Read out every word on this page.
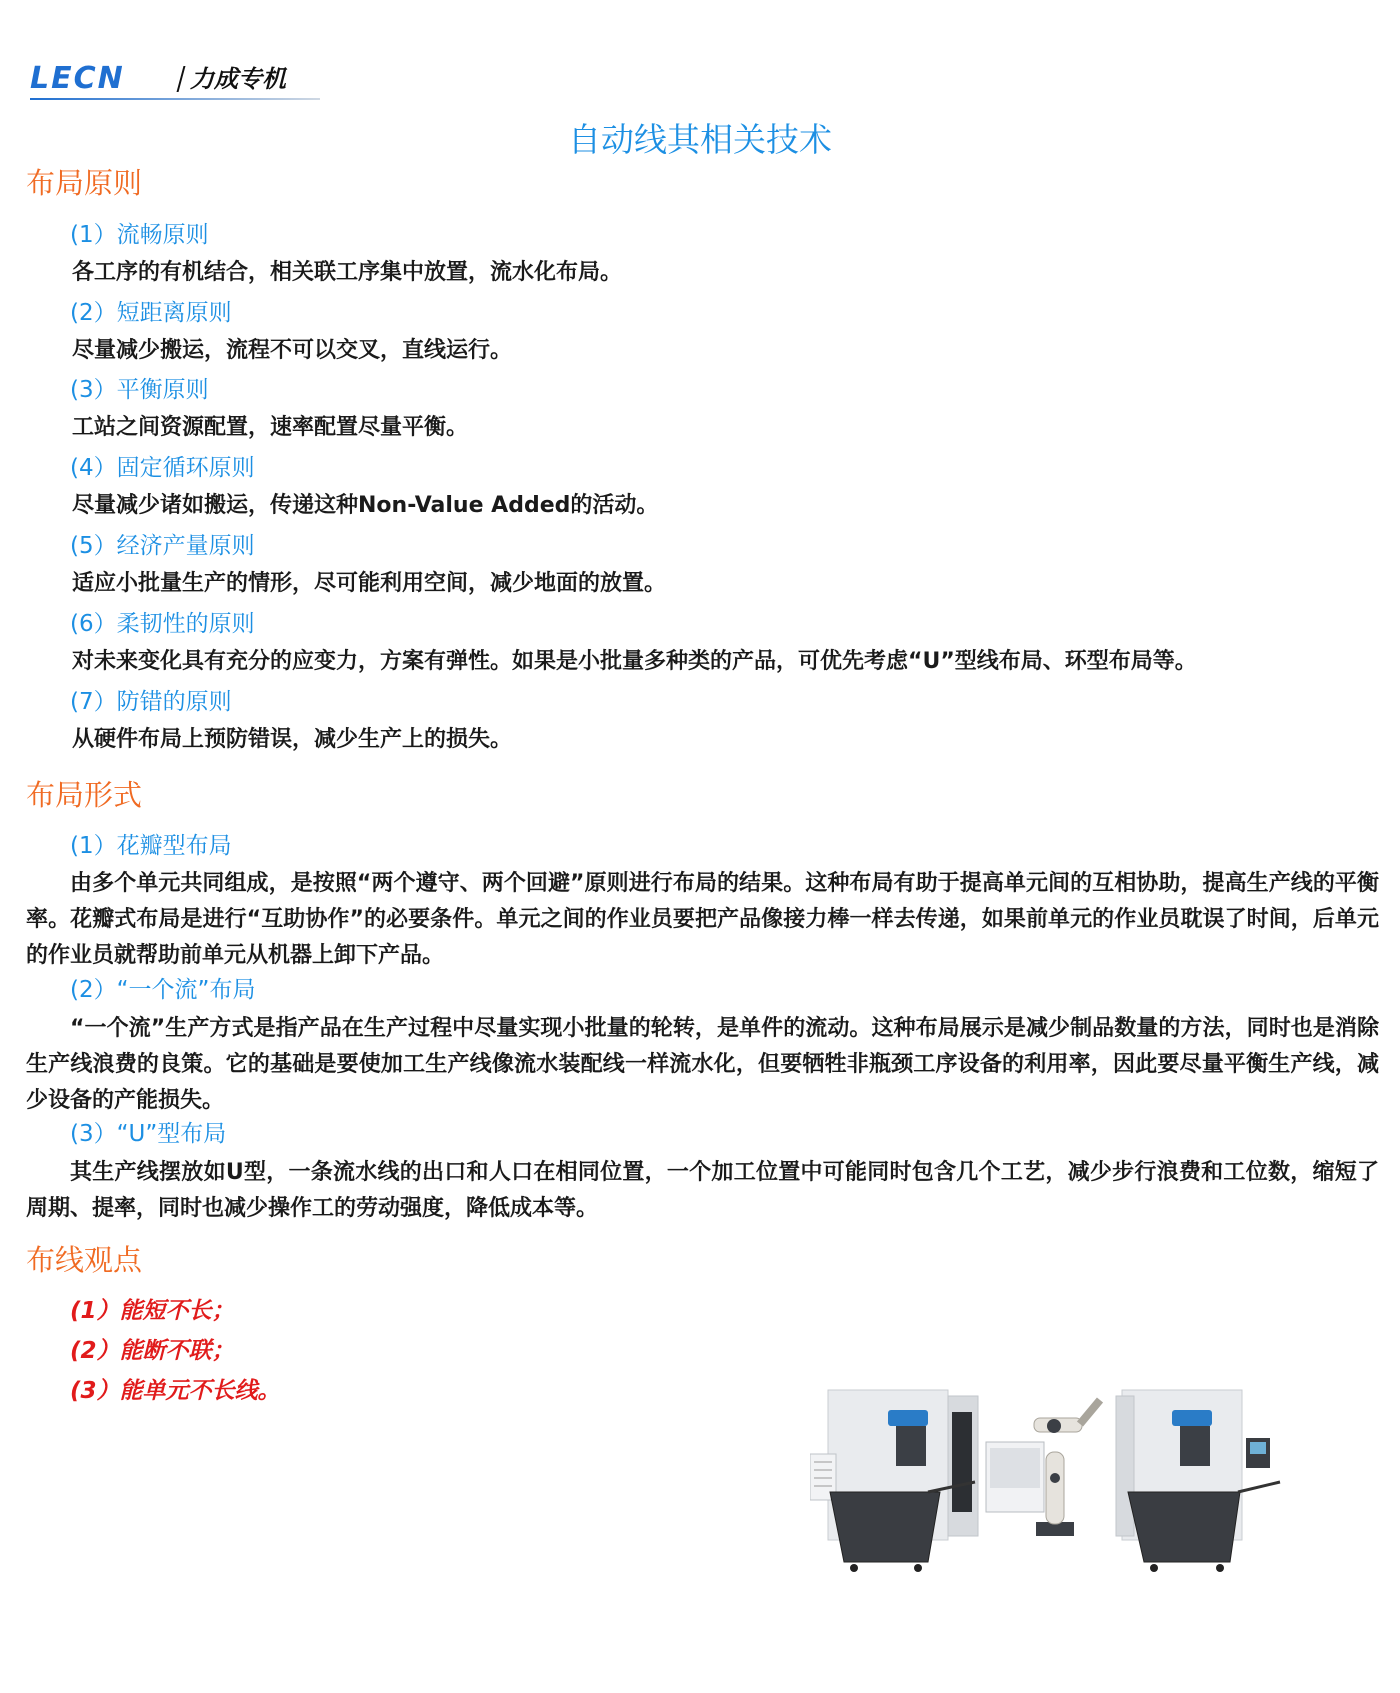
LECN	力成专机
自动线其相关技术
布局原则
(1）流畅原则
各工序的有机结合，相关联工序集中放置，流水化布局。
(2）短距离原则
尽量减少搬运，流程不可以交叉，直线运行。
(3）平衡原则
工站之间资源配置，速率配置尽量平衡。
(4）固定循环原则
尽量减少诸如搬运，传递这种Non-Value Added的活动。
(5）经济产量原则
适应小批量生产的情形，尽可能利用空间，减少地面的放置。
(6）柔韧性的原则
对未来变化具有充分的应变力，方案有弹性。如果是小批量多种类的产品，可优先考虑“U”型线布局、环型布局等。
(7）防错的原则
从硬件布局上预防错误，减少生产上的损失。
布局形式
(1）花瓣型布局

由多个单元共同组成，是按照“两个遵守、两个回避”原则进行布局的结果。这种布局有助于提高单元间的互相协助，提高生产线的平衡率。花瓣式布局是进行“互助协作”的必要条件。单元之间的作业员要把产品像接力棒一样去传递，如果前单元的作业员耽误了时间，后单元的作业员就帮助前单元从机器上卸下产品。

(2）“一个流”布局

“一个流”生产方式是指产品在生产过程中尽量实现小批量的轮转，是单件的流动。这种布局展示是减少制品数量的方法，同时也是消除生产线浪费的良策。它的基础是要使加工生产线像流水装配线一样流水化，但要牺牲非瓶颈工序设备的利用率，因此要尽量平衡生产线，减少设备的产能损失。

(3）“U”型布局

其生产线摆放如U型，一条流水线的出口和人口在相同位置，一个加工位置中可能同时包含几个工艺，减少步行浪费和工位数，缩短了周期、提率，同时也减少操作工的劳动强度，降低成本等。

布线观点
(1）能短不长；
(2）能断不联；
(3）能单元不长线。
